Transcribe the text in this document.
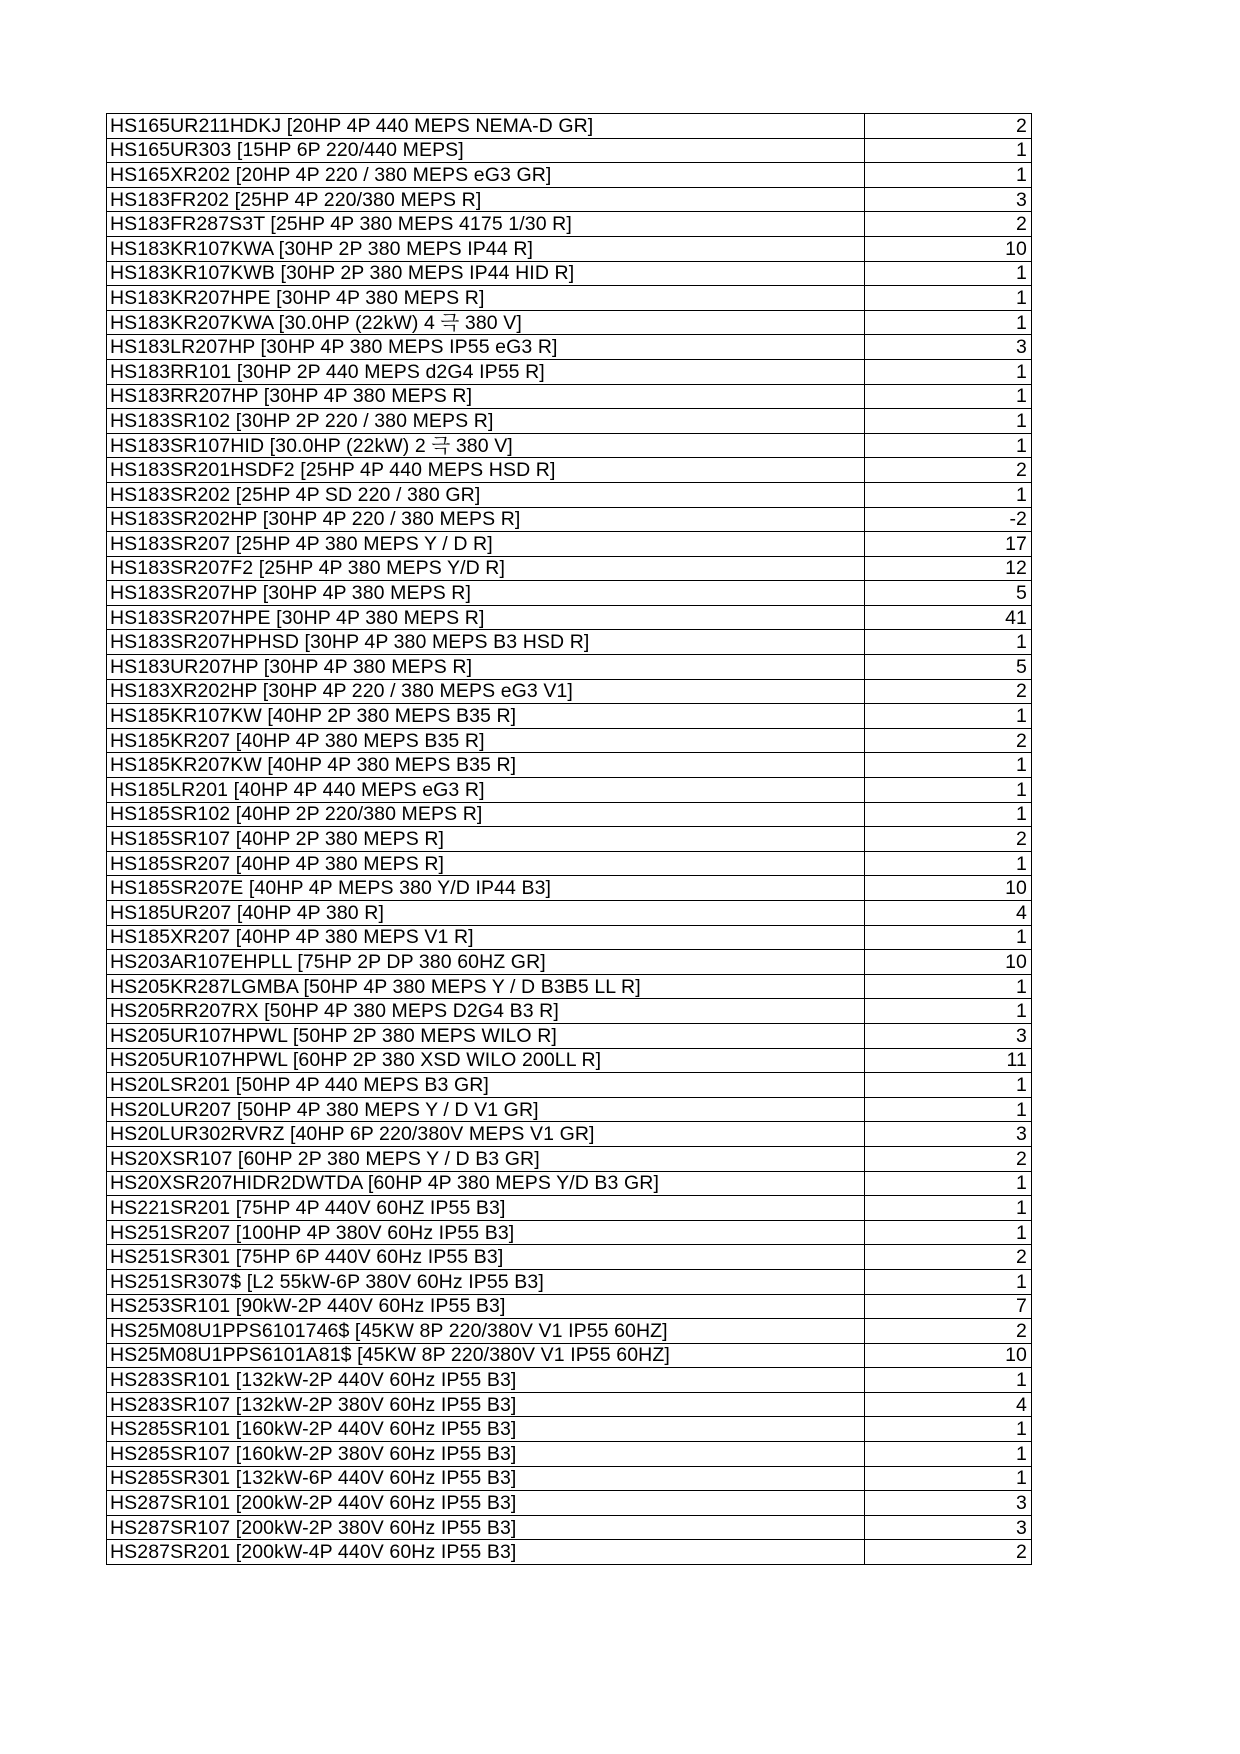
HS165UR211HDKJ [20HP 4P 440 MEPS NEMA-D GR]	2
HS165UR303 [15HP 6P 220/440 MEPS]	1
HS165XR202 [20HP 4P 220 / 380 MEPS eG3 GR]	1
HS183FR202 [25HP 4P 220/380 MEPS R]	3
HS183FR287S3T [25HP 4P 380 MEPS 4175 1/30 R]	2
HS183KR107KWA [30HP 2P 380 MEPS IP44 R]	10
HS183KR107KWB [30HP 2P 380 MEPS IP44 HID R]	1
HS183KR207HPE [30HP 4P 380 MEPS R]	1
HS183KR207KWA [30.0HP (22kW) 4 극 380 V]	1
HS183LR207HP [30HP 4P 380 MEPS IP55 eG3 R]	3
HS183RR101 [30HP 2P 440 MEPS d2G4 IP55 R]	1
HS183RR207HP [30HP 4P 380 MEPS R]	1
HS183SR102 [30HP 2P 220 / 380 MEPS R]	1
HS183SR107HID [30.0HP (22kW) 2 극 380 V]	1
HS183SR201HSDF2 [25HP 4P 440 MEPS HSD R]	2
HS183SR202 [25HP 4P SD 220 / 380 GR]	1
HS183SR202HP [30HP 4P 220 / 380 MEPS R]	-2
HS183SR207 [25HP 4P 380 MEPS Y / D R]	17
HS183SR207F2 [25HP 4P 380 MEPS Y/D R]	12
HS183SR207HP [30HP 4P 380 MEPS R]	5
HS183SR207HPE [30HP 4P 380 MEPS R]	41
HS183SR207HPHSD [30HP 4P 380 MEPS B3 HSD R]	1
HS183UR207HP [30HP 4P 380 MEPS R]	5
HS183XR202HP [30HP 4P 220 / 380 MEPS eG3 V1]	2
HS185KR107KW [40HP 2P 380 MEPS B35 R]	1
HS185KR207 [40HP 4P 380 MEPS B35 R]	2
HS185KR207KW [40HP 4P 380 MEPS B35 R]	1
HS185LR201 [40HP 4P 440 MEPS eG3 R]	1
HS185SR102 [40HP 2P 220/380 MEPS R]	1
HS185SR107 [40HP 2P 380 MEPS R]	2
HS185SR207 [40HP 4P 380 MEPS R]	1
HS185SR207E [40HP 4P MEPS 380 Y/D IP44 B3]	10
HS185UR207 [40HP 4P 380 R]	4
HS185XR207 [40HP 4P 380 MEPS V1 R]	1
HS203AR107EHPLL [75HP 2P DP 380 60HZ GR]	10
HS205KR287LGMBA [50HP 4P 380 MEPS Y / D B3B5 LL R]	1
HS205RR207RX [50HP 4P 380 MEPS D2G4 B3 R]	1
HS205UR107HPWL [50HP 2P 380 MEPS WILO R]	3
HS205UR107HPWL [60HP 2P 380 XSD WILO 200LL R]	11
HS20LSR201 [50HP 4P 440 MEPS B3 GR]	1
HS20LUR207 [50HP 4P 380 MEPS Y / D V1 GR]	1
HS20LUR302RVRZ [40HP 6P 220/380V MEPS V1 GR]	3
HS20XSR107 [60HP 2P 380 MEPS Y / D B3 GR]	2
HS20XSR207HIDR2DWTDA [60HP 4P 380 MEPS Y/D B3 GR]	1
HS221SR201 [75HP 4P 440V 60HZ IP55 B3]	1
HS251SR207 [100HP 4P 380V 60Hz IP55 B3]	1
HS251SR301 [75HP 6P 440V 60Hz IP55 B3]	2
HS251SR307$ [L2 55kW-6P 380V 60Hz IP55 B3]	1
HS253SR101 [90kW-2P 440V 60Hz IP55 B3]	7
HS25M08U1PPS6101746$ [45KW 8P 220/380V V1 IP55 60HZ]	2
HS25M08U1PPS6101A81$ [45KW 8P 220/380V V1 IP55 60HZ]	10
HS283SR101 [132kW-2P 440V 60Hz IP55 B3]	1
HS283SR107 [132kW-2P 380V 60Hz IP55 B3]	4
HS285SR101 [160kW-2P 440V 60Hz IP55 B3]	1
HS285SR107 [160kW-2P 380V 60Hz IP55 B3]	1
HS285SR301 [132kW-6P 440V 60Hz IP55 B3]	1
HS287SR101 [200kW-2P 440V 60Hz IP55 B3]	3
HS287SR107 [200kW-2P 380V 60Hz IP55 B3]	3
HS287SR201 [200kW-4P 440V 60Hz IP55 B3]	2
